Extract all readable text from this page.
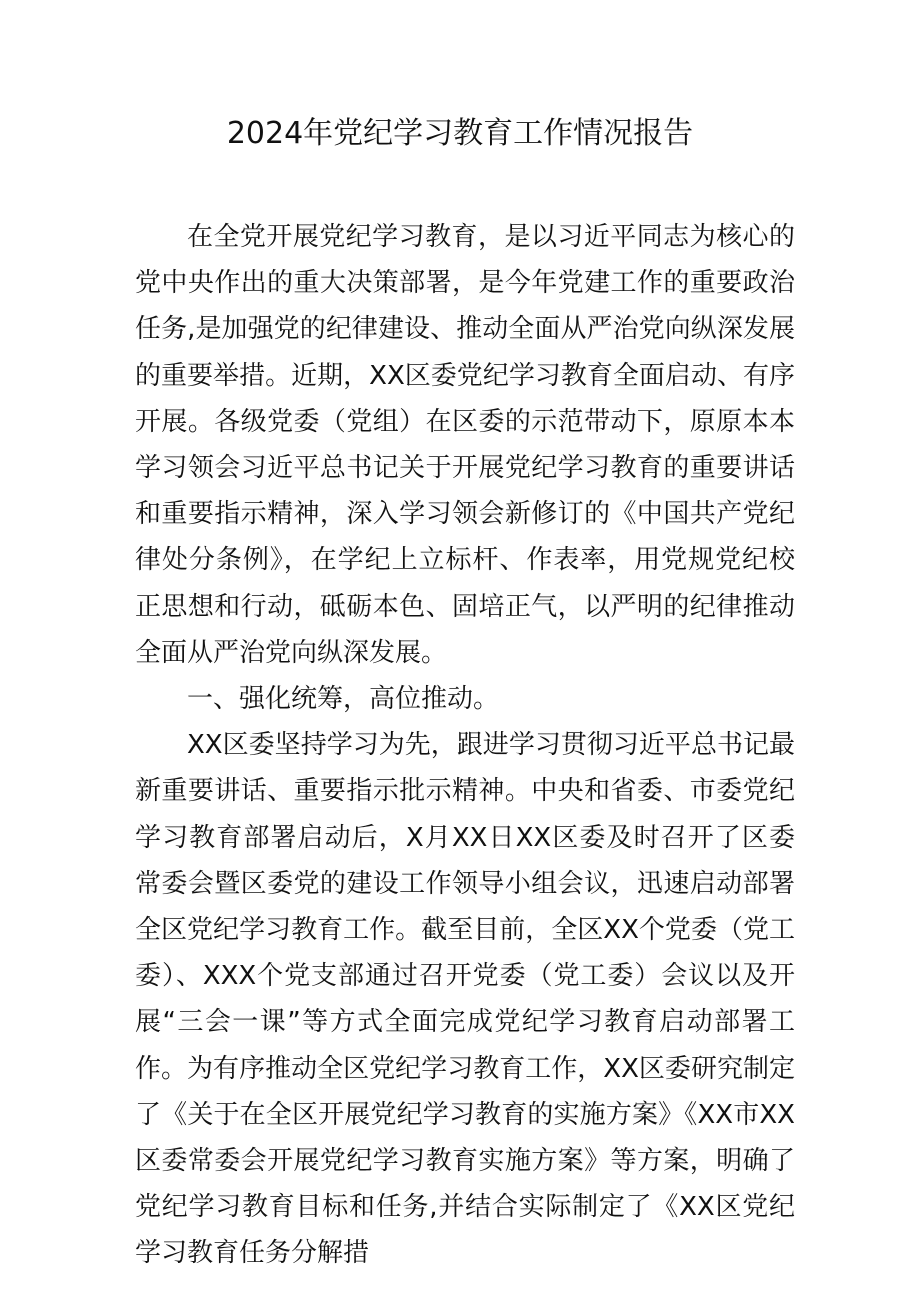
2024年党纪学习教育工作情况报告

在全党开展党纪学习教育，是以习近平同志为核心的党中央作出的重大决策部署，是今年党建工作的重要政治任务,是加强党的纪律建设、推动全面从严治党向纵深发展的重要举措。近期，XX区委党纪学习教育全面启动、有序开展。各级党委（党组）在区委的示范带动下，原原本本学习领会习近平总书记关于开展党纪学习教育的重要讲话和重要指示精神，深入学习领会新修订的《中国共产党纪律处分条例》，在学纪上立标杆、作表率，用党规党纪校正思想和行动，砥砺本色、固培正气，以严明的纪律推动全面从严治党向纵深发展。

一、强化统筹，高位推动。

XX区委坚持学习为先，跟进学习贯彻习近平总书记最新重要讲话、重要指示批示精神。中央和省委、市委党纪学习教育部署启动后，X月XX日XX区委及时召开了区委常委会暨区委党的建设工作领导小组会议，迅速启动部署全区党纪学习教育工作。截至目前，全区XX个党委（党工委）、XXX个党支部通过召开党委（党工委）会议以及开展“三会一课”等方式全面完成党纪学习教育启动部署工作。为有序推动全区党纪学习教育工作，XX区委研究制定了《关于在全区开展党纪学习教育的实施方案》《XX市XX区委常委会开展党纪学习教育实施方案》等方案，明确了党纪学习教育目标和任务,并结合实际制定了《XX区党纪学习教育任务分解措
